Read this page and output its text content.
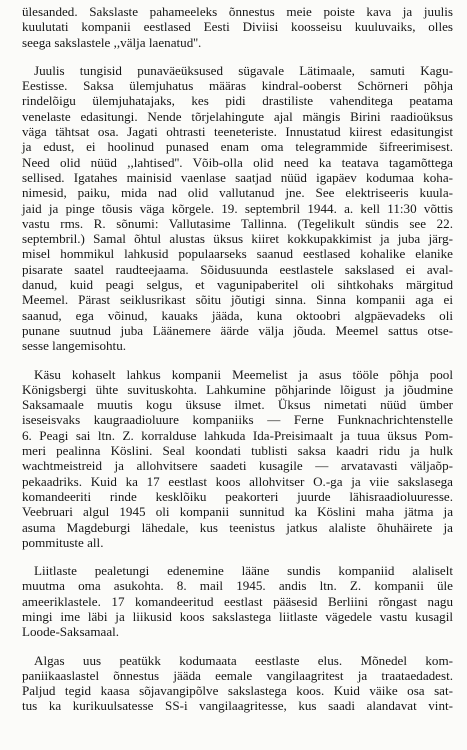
ülesanded. Sakslaste pahameeleks õnnestus meie poiste kava ja juulis
kuulutati kompanii eestlased Eesti Diviisi koosseisu kuuluvaiks, olles
seega sakslastele ,,välja laenatud''.
Juulis tungisid punaväeüksused sügavale Lätimaale, samuti Kagu-
Eestisse. Saksa ülemjuhatus määras kindral-ooberst Schörneri põhja
rindelõigu ülemjuhatajaks, kes pidi drastiliste vahenditega peatama
venelaste edasitungi. Nende tõrjelahingute ajal mängis Birini raadioüksus
väga tähtsat osa. Jagati ohtrasti teeneteriste. Innustatud kiirest edasitungist
ja edust, ei hoolinud punased enam oma telegrammide šifreerimisest.
Need olid nüüd ,,lahtised''. Võib-olla olid need ka teatava tagamõttega
sellised. Igatahes mainisid vaenlase saatjad nüüd igapäev kodumaa koha-
nimesid, paiku, mida nad olid vallutanud jne. See elektriseeris kuula-
jaid ja pinge tõusis väga kõrgele. 19. septembril 1944. a. kell 11:30 võttis
vastu rms. R. sõnumi: Vallutasime Tallinna. (Tegelikult sündis see 22.
septembril.) Samal õhtul alustas üksus kiiret kokkupakkimist ja juba järg-
misel hommikul lahkusid populaarseks saanud eestlased kohalike elanike
pisarate saatel raudteejaama. Sõidusuunda eestlastele sakslased ei aval-
danud, kuid peagi selgus, et vagunipaberitel oli sihtkohaks märgitud
Meemel. Pärast seiklusrikast sõitu jõutigi sinna. Sinna kompanii aga ei
saanud, ega võinud, kauaks jääda, kuna oktoobri algpäevadeks oli
punane suutnud juba Läänemere äärde välja jõuda. Meemel sattus otse-
sesse langemisohtu.
Käsu kohaselt lahkus kompanii Meemelist ja asus tööle põhja pool
Königsbergi ühte suvituskohta. Lahkumine põhjarinde lõigust ja jõudmine
Saksamaale muutis kogu üksuse ilmet. Üksus nimetati nüüd ümber
iseseisvaks kaugraadioluure kompaniiks — Ferne Funknachrichtenstelle
6. Peagi sai ltn. Z. korralduse lahkuda Ida-Preisimaalt ja tuua üksus Pom-
meri pealinna Köslini. Seal koondati tublisti saksa kaadri ridu ja hulk
wachtmeistreid ja allohvitsere saadeti kusagile — arvatavasti väljaõp-
pekaadriks. Kuid ka 17 eestlast koos allohvitser O.-ga ja viie sakslasega
komandeeriti rinde kesklõiku peakorteri juurde lähisraadioluuresse.
Veebruari algul 1945 oli kompanii sunnitud ka Köslini maha jätma ja
asuma Magdeburgi lähedale, kus teenistus jatkus alaliste õhuhäirete ja
pommituste all.
Liitlaste pealetungi edenemine lääne sundis kompaniid alaliselt
muutma oma asukohta. 8. mail 1945. andis ltn. Z. kompanii üle
ameeriklastele. 17 komandeeritud eestlast pääsesid Berliini rõngast nagu
mingi ime läbi ja liikusid koos sakslastega liitlaste vägedele vastu kusagil
Loode-Saksamaal.
Algas uus peatükk kodumaata eestlaste elus. Mõnedel kom-
paniikaaslastel õnnestus jääda eemale vangilaagritest ja traataedadest.
Paljud tegid kaasa sõjavangipõlve sakslastega koos. Kuid väike osa sat-
tus ka kurikuulsatesse SS-i vangilaagritesse, kus saadi alandavat vint-
